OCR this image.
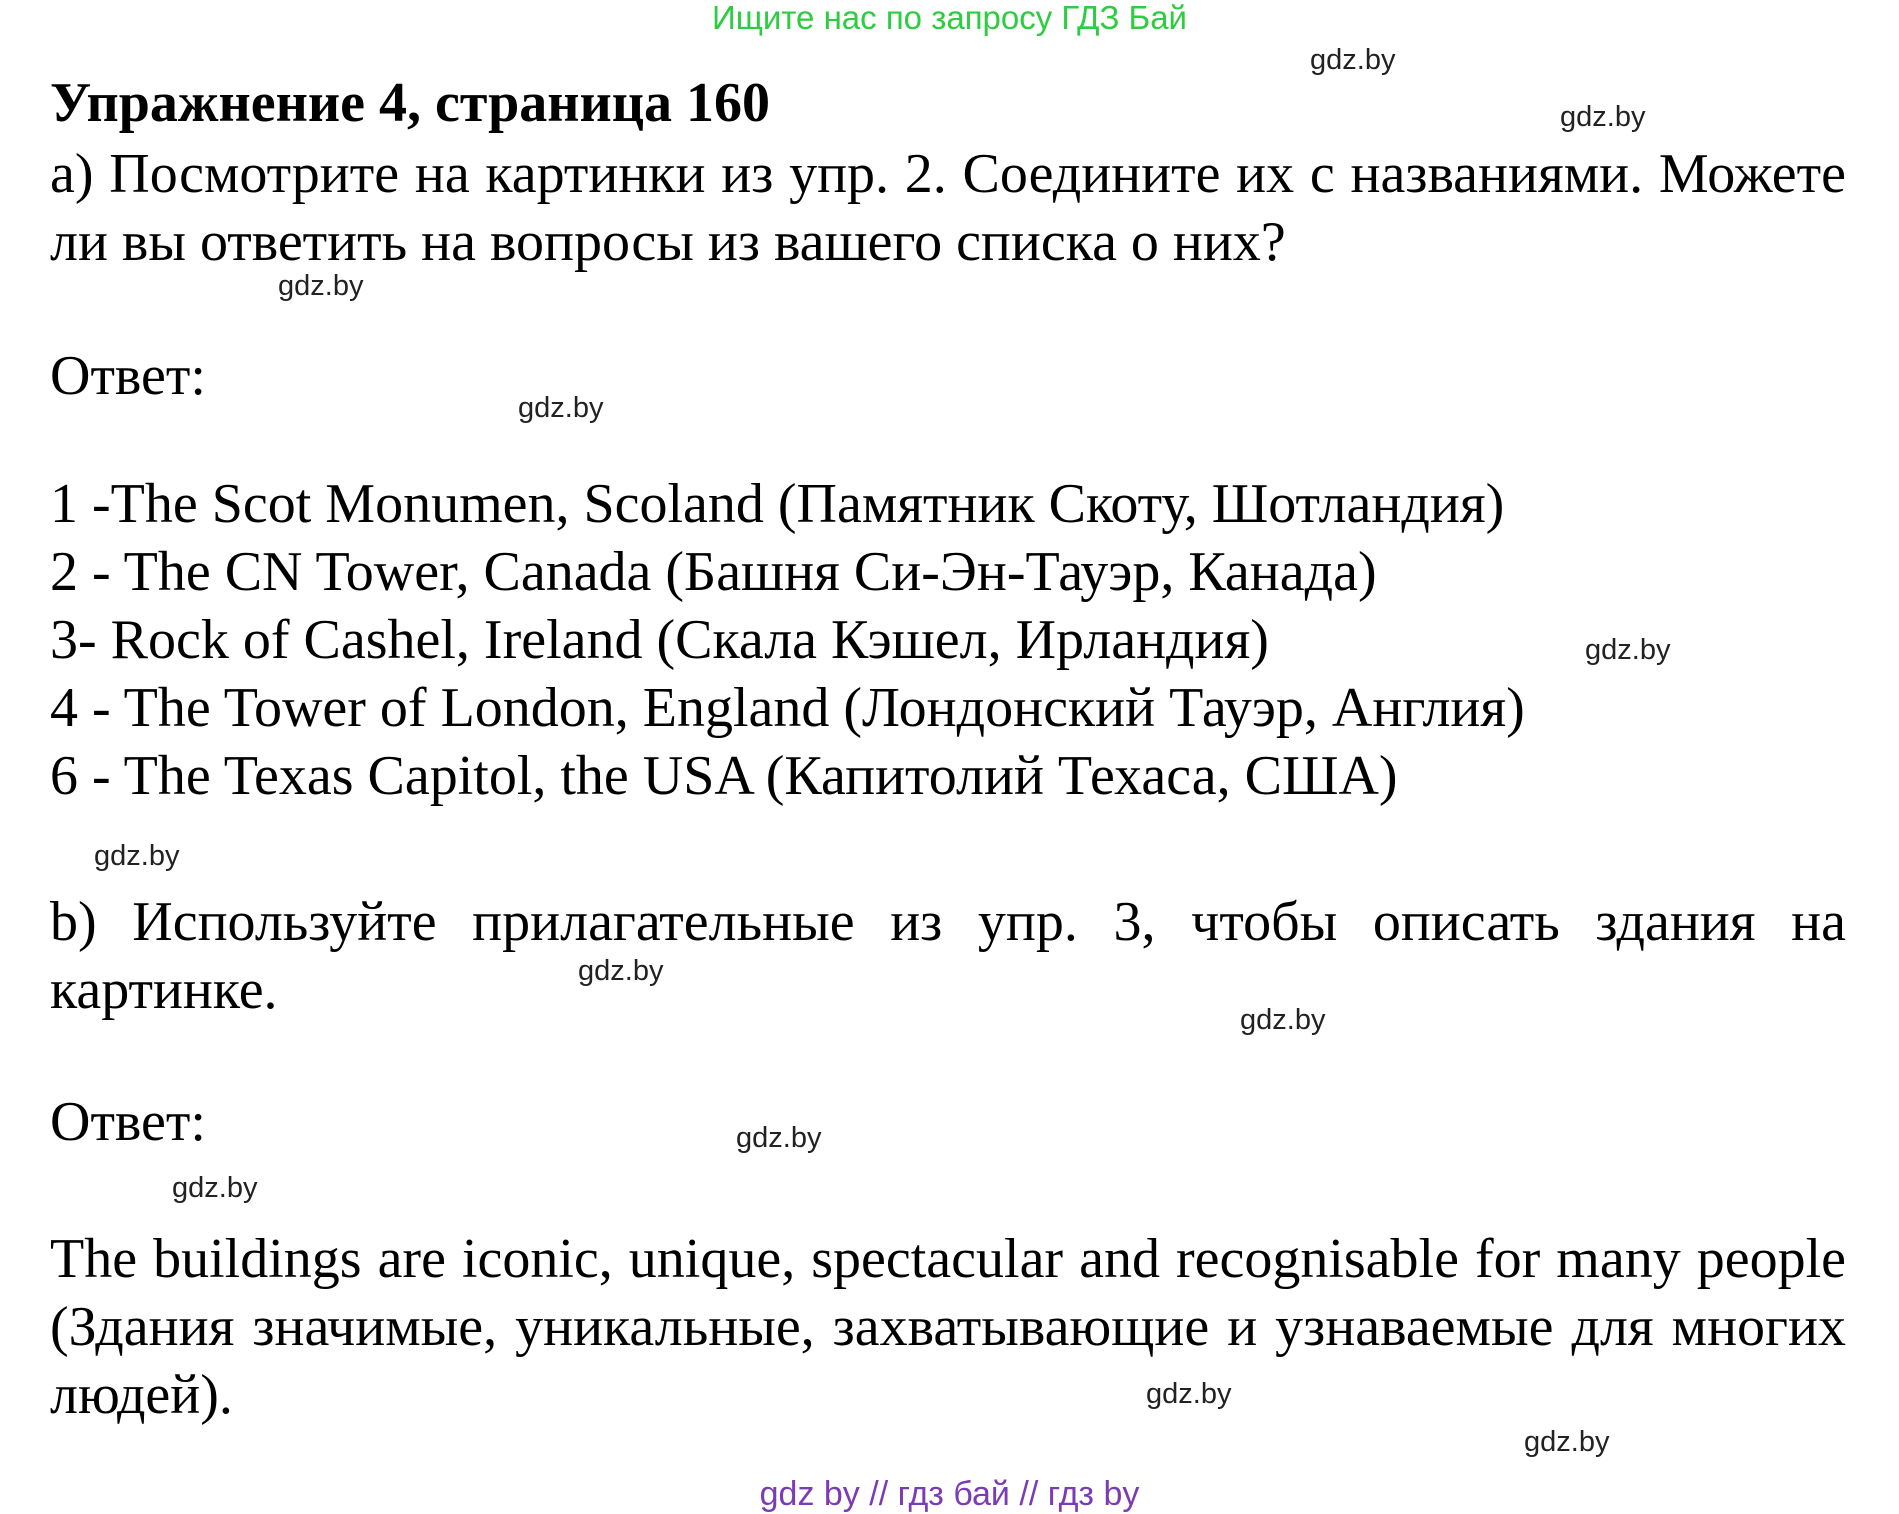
Ищите нас по запросу ГДЗ Бай
Упражнение 4, страница 160

а) Посмотрите на картинки из упр. 2. Соедините их с названиями. Можете ли вы ответить на вопросы из вашего списка о них?

Ответ:

1 -The Scot Monumen, Scoland (Памятник Скоту, Шотландия)
2 - The CN Tower, Canada (Башня Си-Эн-Тауэр, Канада)
3- Rock of Cashel, Ireland (Скала Кэшел, Ирландия)
4 - The Tower of London, England (Лондонский Тауэр, Англия)
6 - The Texas Capitol, the USA (Капитолий Техаса, США)

b) Используйте прилагательные из упр. 3, чтобы описать здания на картинке.

Ответ:

The buildings are iconic, unique, spectacular and recognisable for many people (Здания значимые, уникальные, захватывающие и узнаваемые для многих людей).

gdz.by
gdz.by
gdz.by
gdz.by
gdz.by
gdz.by
gdz.by
gdz.by
gdz.by
gdz.by
gdz.by
gdz.by
gdz by // гдз бай // гдз by
